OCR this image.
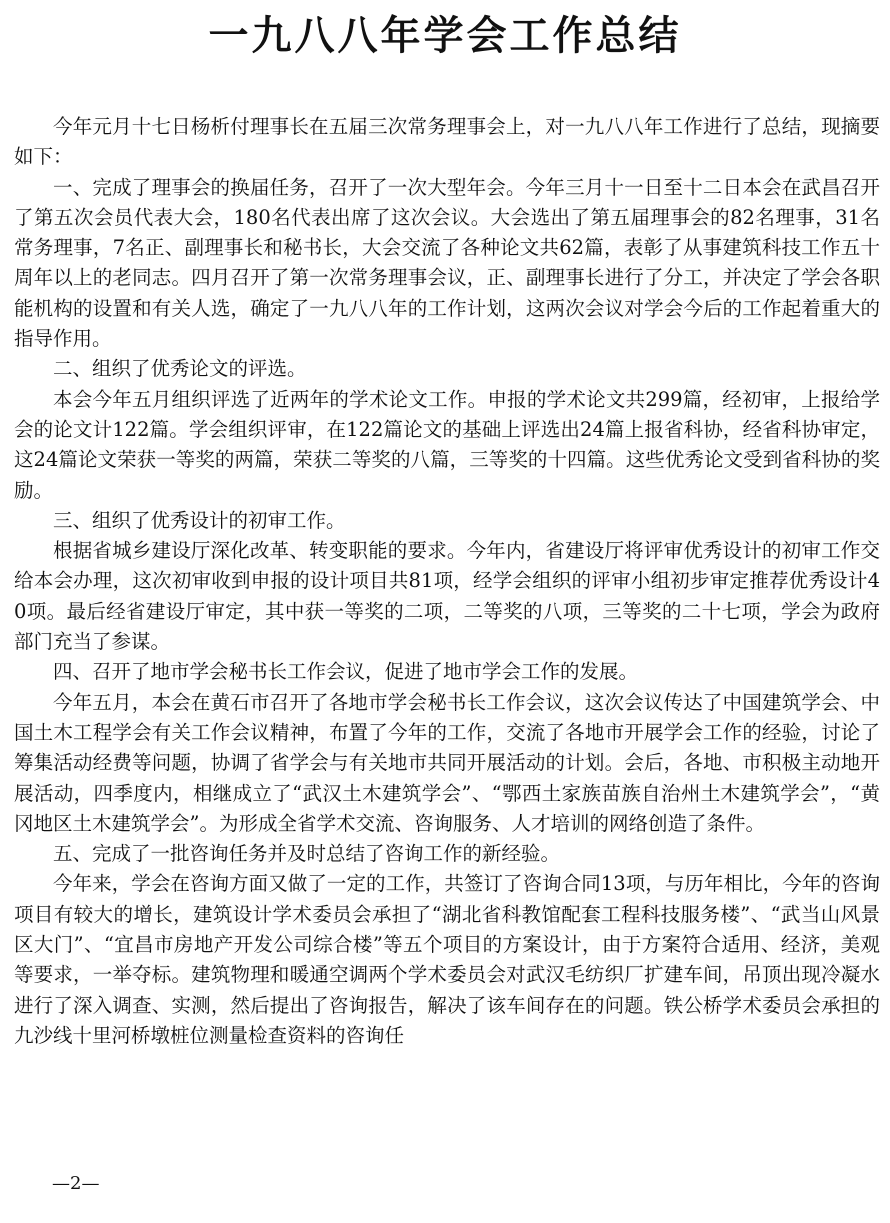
一九八八年学会工作总结

今年元月十七日杨析付理事长在五届三次常务理事会上，对一九八八年工作进行了总结，现摘要如下：

一、完成了理事会的换届任务，召开了一次大型年会。今年三月十一日至十二日本会在武昌召开了第五次会员代表大会，180名代表出席了这次会议。大会选出了第五届理事会的82名理事，31名常务理事，7名正、副理事长和秘书长，大会交流了各种论文共62篇，表彰了从事建筑科技工作五十周年以上的老同志。四月召开了第一次常务理事会议，正、副理事长进行了分工，并决定了学会各职能机构的设置和有关人选，确定了一九八八年的工作计划，这两次会议对学会今后的工作起着重大的指导作用。

二、组织了优秀论文的评选。

本会今年五月组织评选了近两年的学术论文工作。申报的学术论文共299篇，经初审，上报给学会的论文计122篇。学会组织评审，在122篇论文的基础上评选出24篇上报省科协，经省科协审定，这24篇论文荣获一等奖的两篇，荣获二等奖的八篇，三等奖的十四篇。这些优秀论文受到省科协的奖励。

三、组织了优秀设计的初审工作。

根据省城乡建设厅深化改革、转变职能的要求。今年内，省建设厅将评审优秀设计的初审工作交给本会办理，这次初审收到申报的设计项目共81项，经学会组织的评审小组初步审定推荐优秀设计40项。最后经省建设厅审定，其中获一等奖的二项，二等奖的八项，三等奖的二十七项，学会为政府部门充当了参谋。

四、召开了地市学会秘书长工作会议，促进了地市学会工作的发展。

今年五月，本会在黄石市召开了各地市学会秘书长工作会议，这次会议传达了中国建筑学会、中国土木工程学会有关工作会议精神，布置了今年的工作，交流了各地市开展学会工作的经验，讨论了筹集活动经费等问题，协调了省学会与有关地市共同开展活动的计划。会后，各地、市积极主动地开展活动，四季度内，相继成立了“武汉土木建筑学会”、“鄂西土家族苗族自治州土木建筑学会”，“黄冈地区土木建筑学会”。为形成全省学术交流、咨询服务、人才培训的网络创造了条件。

五、完成了一批咨询任务并及时总结了咨询工作的新经验。

今年来，学会在咨询方面又做了一定的工作，共签订了咨询合同13项，与历年相比，今年的咨询项目有较大的增长，建筑设计学术委员会承担了“湖北省科教馆配套工程科技服务楼”、“武当山风景区大门”、“宜昌市房地产开发公司综合楼”等五个项目的方案设计，由于方案符合适用、经济，美观等要求，一举夺标。建筑物理和暖通空调两个学术委员会对武汉毛纺织厂扩建车间，吊顶出现冷凝水进行了深入调查、实测，然后提出了咨询报告，解决了该车间存在的问题。铁公桥学术委员会承担的九沙线十里河桥墩桩位测量检查资料的咨询任

—2—
